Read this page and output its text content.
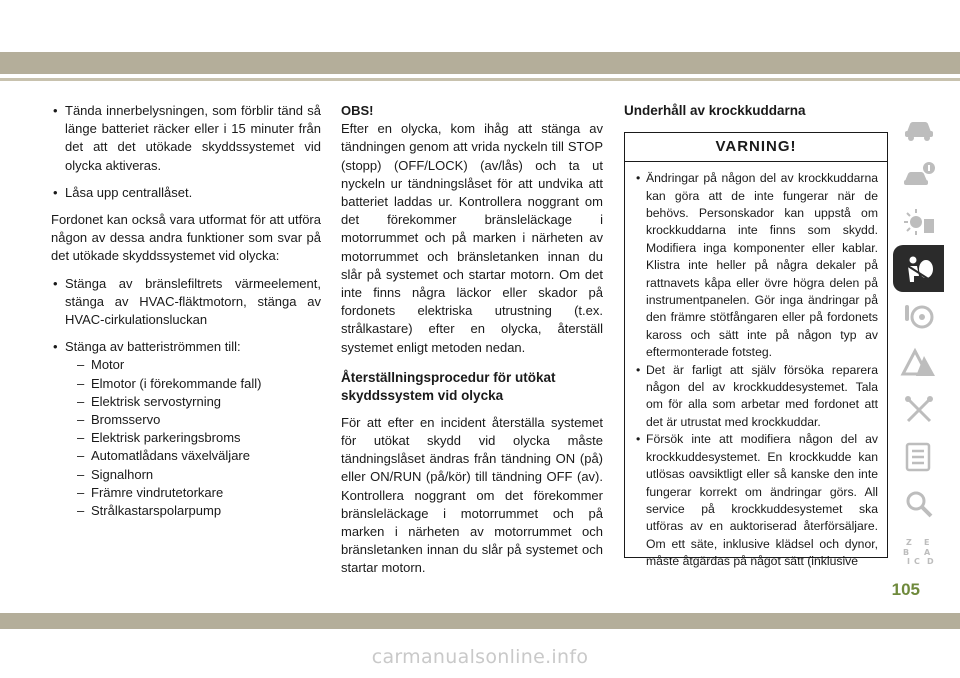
• Tända innerbelysningen, som förblir tänd så länge batteriet räcker eller i 15 minuter från det att det utökade skyddssystemet vid olycka aktiveras.
• Låsa upp centrallåset.
Fordonet kan också vara utformat för att utföra någon av dessa andra funktioner som svar på det utökade skyddssystemet vid olycka:
• Stänga av bränslefiltrets värmeelement, stänga av HVAC-fläktmotorn, stänga av HVAC-cirkulationsluckan
• Stänga av batteriströmmen till:
– Motor
– Elmotor (i förekommande fall)
– Elektrisk servostyrning
– Bromsservo
– Elektrisk parkeringsbroms
– Automatlådans växelväljare
– Signalhorn
– Främre vindrutetorkare
– Strålkastarspolarpump
OBS!
Efter en olycka, kom ihåg att stänga av tändningen genom att vrida nyckeln till STOP (stopp) (OFF/LOCK) (av/lås) och ta ut nyckeln ur tändningslåset för att undvika att batteriet laddas ur. Kontrollera noggrant om det förekommer bränsleläckage i motorrummet och på marken i närheten av motorrummet och bränsletanken innan du slår på systemet och startar motorn. Om det inte finns några läckor eller skador på fordonets elektriska utrustning (t.ex. strålkastare) efter en olycka, återställ systemet enligt metoden nedan.
Återställningsprocedur för utökat skyddssystem vid olycka
För att efter en incident återställa systemet för utökat skydd vid olycka måste tändningslåset ändras från tändning ON (på) eller ON/RUN (på/kör) till tändning OFF (av). Kontrollera noggrant om det förekommer bränsleläckage i motorrummet och på marken i närheten av motorrummet och bränsletanken innan du slår på systemet och startar motorn.
Underhåll av krockkuddarna
VARNING!
• Ändringar på någon del av krockkuddarna kan göra att de inte fungerar när de behövs. Personskador kan uppstå om krockkuddarna inte finns som skydd. Modifiera inga komponenter eller kablar. Klistra inte heller på några dekaler på rattnavets kåpa eller övre högra delen på instrumentpanelen. Gör inga ändringar på den främre stötfångaren eller på fordonets kaross och sätt inte på någon typ av eftermonterade fotsteg.
• Det är farligt att själv försöka reparera någon del av krockkuddesystemet. Tala om för alla som arbetar med fordonet att det är utrustat med krockkuddar.
• Försök inte att modifiera någon del av krockkuddesystemet. En krockkudde kan utlösas oavsiktligt eller så kanske den inte fungerar korrekt om ändringar görs. All service på krockkuddesystemet ska utföras av en auktoriserad återförsäljare. Om ett säte, inklusive klädsel och dynor, måste åtgärdas på något sätt (inklusive
Z E
B A
I C D
105
carmanualsonline.info
